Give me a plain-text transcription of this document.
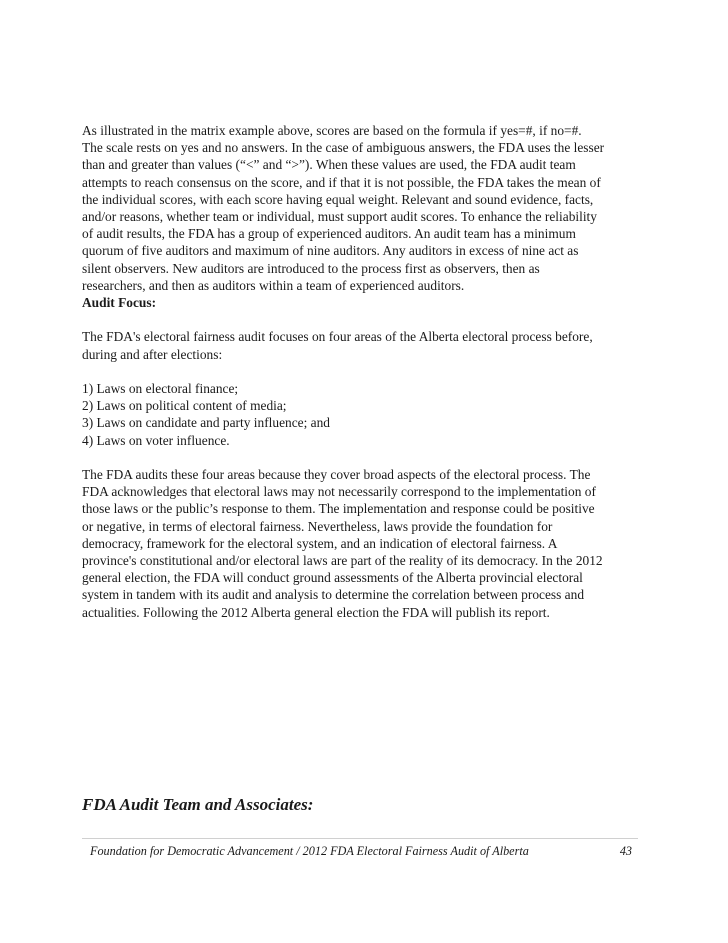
As illustrated in the matrix example above, scores are based on the formula if yes=#, if no=#.
The scale rests on yes and no answers. In the case of ambiguous answers, the FDA uses the lesser
than and greater than values (“<” and “>”). When these values are used, the FDA audit team
attempts to reach consensus on the score, and if that it is not possible, the FDA takes the mean of
the individual scores, with each score having equal weight. Relevant and sound evidence, facts,
and/or reasons, whether team or individual, must support audit scores. To enhance the reliability
of audit results, the FDA has a group of experienced auditors. An audit team has a minimum
quorum of five auditors and maximum of nine auditors. Any auditors in excess of nine act as
silent observers. New auditors are introduced to the process first as observers, then as
researchers, and then as auditors within a team of experienced auditors.
Audit Focus:
The FDA's electoral fairness audit focuses on four areas of the Alberta electoral process before,
during and after elections:
1) Laws on electoral finance;
2) Laws on political content of media;
3) Laws on candidate and party influence; and
4) Laws on voter influence.
The FDA audits these four areas because they cover broad aspects of the electoral process. The
FDA acknowledges that electoral laws may not necessarily correspond to the implementation of
those laws or the public’s response to them. The implementation and response could be positive
or negative, in terms of electoral fairness. Nevertheless, laws provide the foundation for
democracy, framework for the electoral system, and an indication of electoral fairness. A
province's constitutional and/or electoral laws are part of the reality of its democracy. In the 2012
general election, the FDA will conduct ground assessments of the Alberta provincial electoral
system in tandem with its audit and analysis to determine the correlation between process and
actualities. Following the 2012 Alberta general election the FDA will publish its report.
FDA Audit Team and Associates:
Foundation for Democratic Advancement / 2012 FDA Electoral Fairness Audit of Alberta	43
